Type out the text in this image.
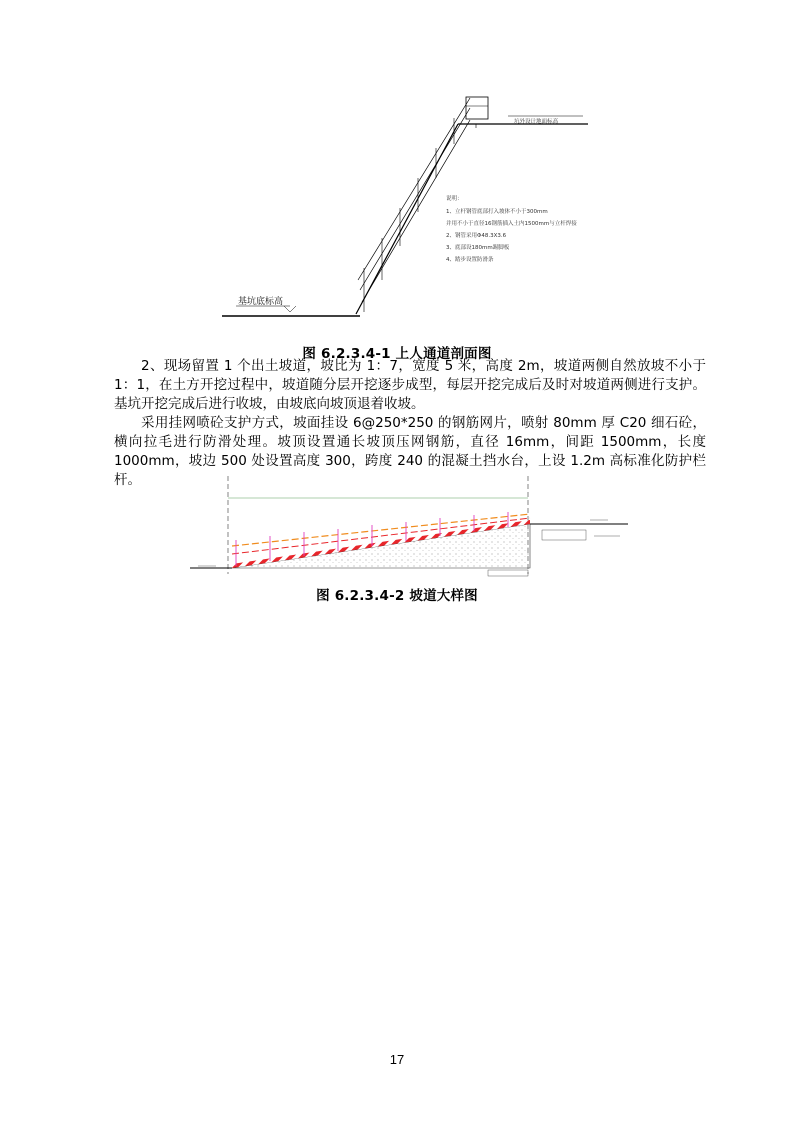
坑外设计地面标高
基坑底标高
说明：
1、立杆钢管底部打入坡体不小于300mm
并用不小于直径16钢筋插入土内1500mm与立杆焊接
2、钢管采用Φ48.3X3.6
3、底部设180mm踢脚板
4、踏步设置防滑条
图 6.2.3.4-1 上人通道剖面图

2、现场留置 1 个出土坡道，坡比为 1：7，宽度 5 米，高度 2m，坡道两侧自然放坡不小于 1：1，在土方开挖过程中，坡道随分层开挖逐步成型，每层开挖完成后及时对坡道两侧进行支护。基坑开挖完成后进行收坡，由坡底向坡顶退着收坡。

采用挂网喷砼支护方式，坡面挂设 6@250*250 的钢筋网片，喷射 80mm 厚 C20 细石砼，横向拉毛进行防滑处理。坡顶设置通长坡顶压网钢筋，直径 16mm，间距 1500mm，长度 1000mm，坡边 500 处设置高度 300，跨度 240 的混凝土挡水台，上设 1.2m 高标准化防护栏杆。

图 6.2.3.4-2 坡道大样图
17
